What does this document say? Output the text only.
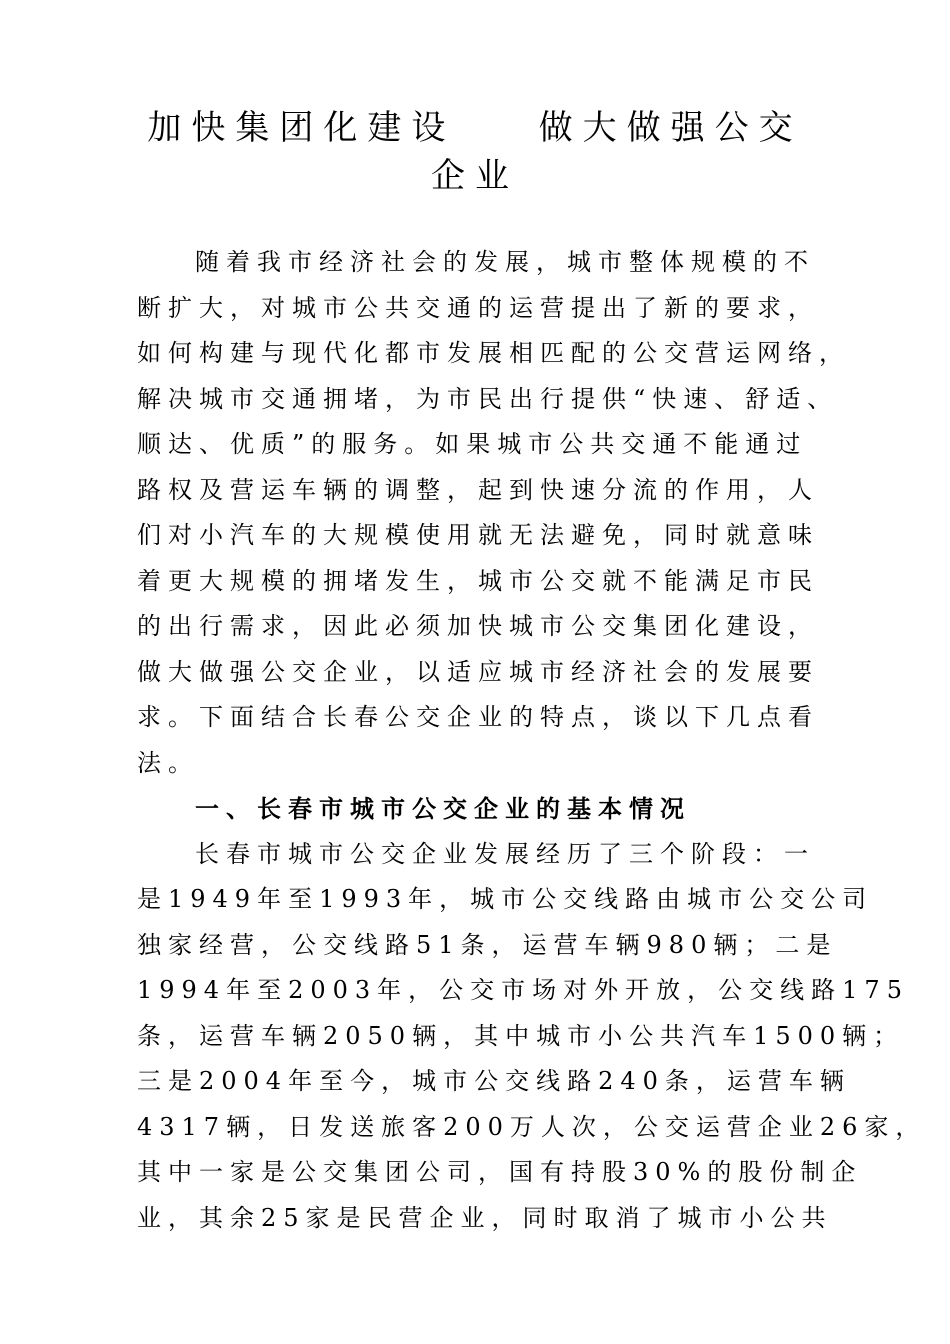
加快集团化建设    做大做强公交
企业
随着我市经济社会的发展，城市整体规模的不
断扩大，对城市公共交通的运营提出了新的要求，
如何构建与现代化都市发展相匹配的公交营运网络，
解决城市交通拥堵，为市民出行提供“快速、舒适、
顺达、优质”的服务。如果城市公共交通不能通过
路权及营运车辆的调整，起到快速分流的作用，人
们对小汽车的大规模使用就无法避免，同时就意味
着更大规模的拥堵发生，城市公交就不能满足市民
的出行需求，因此必须加快城市公交集团化建设，
做大做强公交企业，以适应城市经济社会的发展要
求。下面结合长春公交企业的特点，谈以下几点看
法。
一、长春市城市公交企业的基本情况
长春市城市公交企业发展经历了三个阶段：一
是1949年至1993年，城市公交线路由城市公交公司
独家经营，公交线路51条，运营车辆980辆；二是
1994年至2003年，公交市场对外开放，公交线路175
条，运营车辆2050辆，其中城市小公共汽车1500辆；
三是2004年至今，城市公交线路240条，运营车辆
4317辆，日发送旅客200万人次，公交运营企业26家，
其中一家是公交集团公司，国有持股30%的股份制企
业，其余25家是民营企业，同时取消了城市小公共
